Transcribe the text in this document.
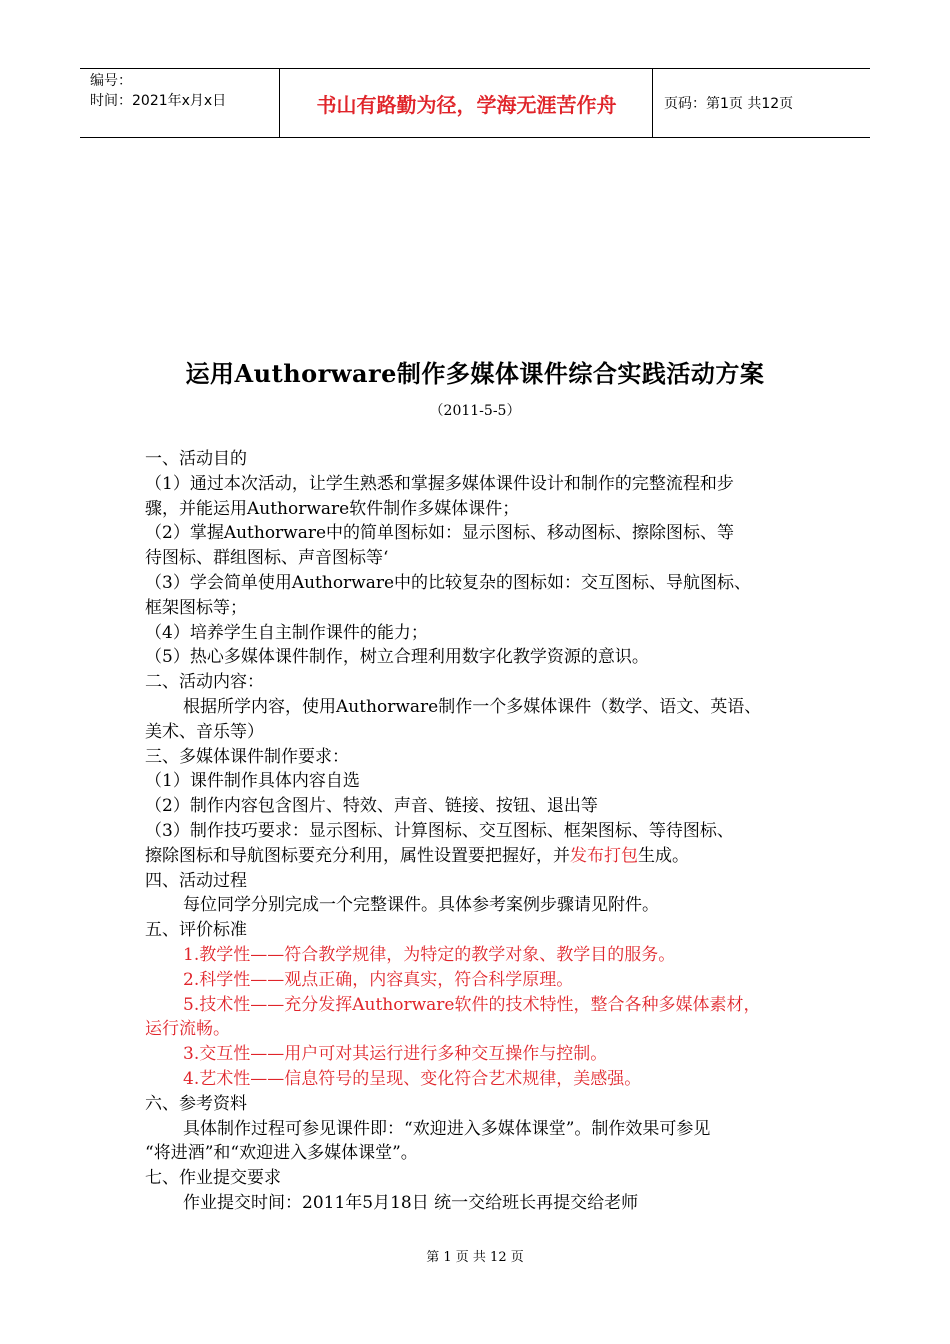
编号：
时间：2021年x月x日	书山有路勤为径，学海无涯苦作舟	页码：第1页 共12页
运用Authorware制作多媒体课件综合实践活动方案
（2011-5-5）

一、活动目的

（1）通过本次活动，让学生熟悉和掌握多媒体课件设计和制作的完整流程和步

骤，并能运用Authorware软件制作多媒体课件；

（2）掌握Authorware中的简单图标如：显示图标、移动图标、擦除图标、等

待图标、群组图标、声音图标等‘

（3）学会简单使用Authorware中的比较复杂的图标如：交互图标、导航图标、

框架图标等；

（4）培养学生自主制作课件的能力；

（5）热心多媒体课件制作，树立合理利用数字化教学资源的意识。

二、活动内容：

根据所学内容，使用Authorware制作一个多媒体课件（数学、语文、英语、

美术、音乐等）

三、多媒体课件制作要求：

（1）课件制作具体内容自选

（2）制作内容包含图片、特效、声音、链接、按钮、退出等

（3）制作技巧要求：显示图标、计算图标、交互图标、框架图标、等待图标、

擦除图标和导航图标要充分利用，属性设置要把握好，并发布打包生成。

四、活动过程

每位同学分别完成一个完整课件。具体参考案例步骤请见附件。

五、评价标准

1.教学性——符合教学规律，为特定的教学对象、教学目的服务。

2.科学性——观点正确，内容真实，符合科学原理。

5.技术性——充分发挥Authorware软件的技术特性，整合各种多媒体素材，

运行流畅。

3.交互性——用户可对其运行进行多种交互操作与控制。

4.艺术性——信息符号的呈现、变化符合艺术规律，美感强。

六、参考资料

具体制作过程可参见课件即：“欢迎进入多媒体课堂”。制作效果可参见

“将进酒”和“欢迎进入多媒体课堂”。

七、作业提交要求

作业提交时间：2011年5月18日 统一交给班长再提交给老师

第 1 页 共 12 页
